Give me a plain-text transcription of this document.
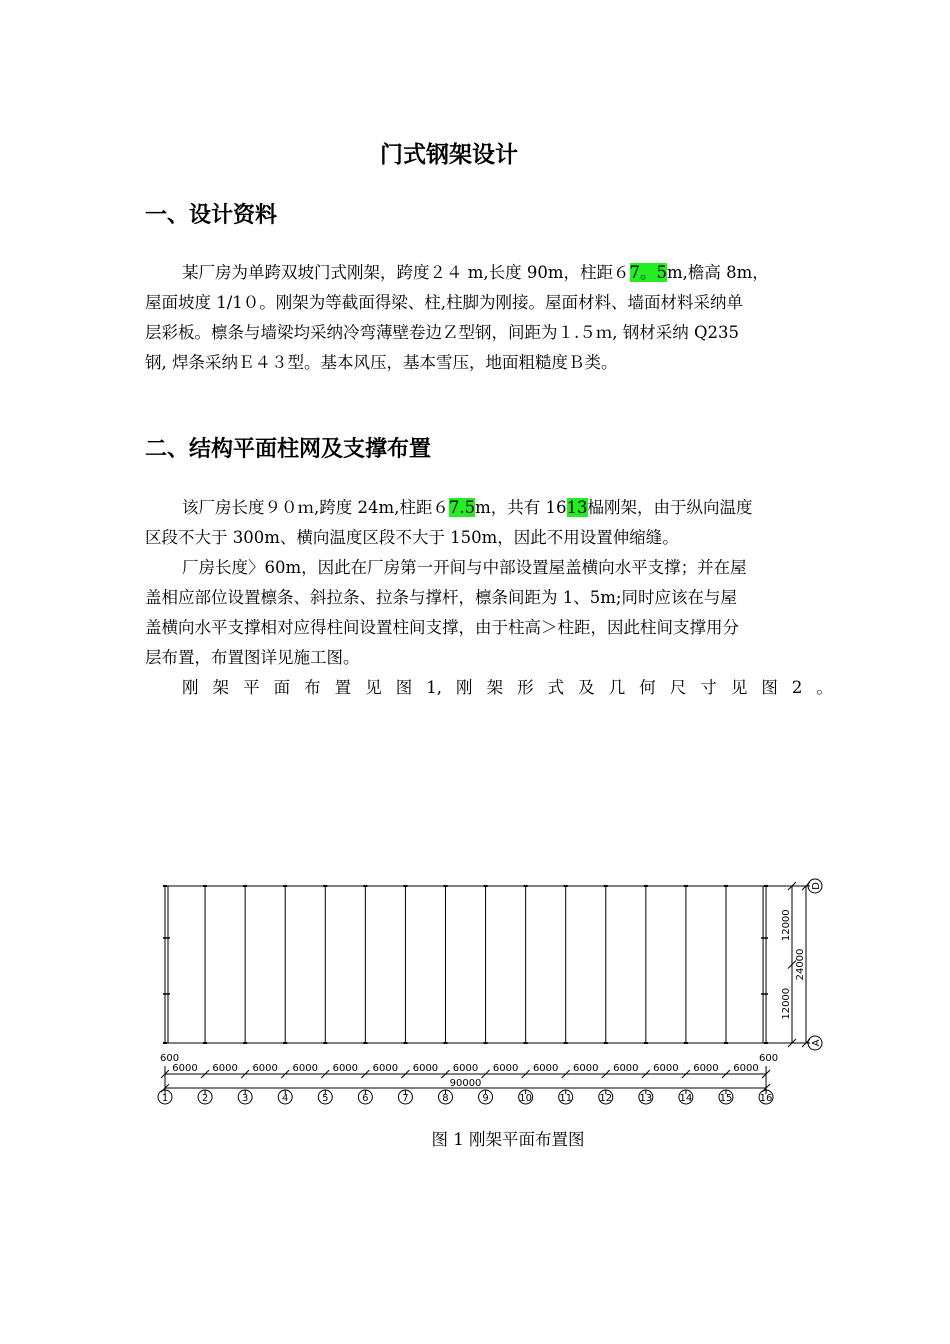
门式钢架设计
一、设计资料
某厂房为单跨双坡门式刚架，跨度２４ m,长度 90m，柱距６7。5m,檐高 8m，
屋面坡度 1/1０。刚架为等截面得梁、柱,柱脚为刚接。屋面材料、墙面材料采纳单
层彩板。檩条与墙梁均采纳冷弯薄壁卷边Ｚ型钢，间距为１.５ｍ, 钢材采纳 Q235
钢, 焊条采纳Ｅ４３型。基本风压，基本雪压，地面粗糙度Ｂ类。
二、结构平面柱网及支撑布置
该厂房长度９０ｍ,跨度 24m,柱距６7.5m，共有 1613榀刚架，由于纵向温度
区段不大于 300m、横向温度区段不大于 150m，因此不用设置伸缩缝。
厂房长度〉60m，因此在厂房第一开间与中部设置屋盖横向水平支撑；并在屋
盖相应部位设置檩条、斜拉条、拉条与撑杆，檩条间距为 1、5m;同时应该在与屋
盖横向水平支撑相对应得柱间设置柱间支撑，由于柱高＞柱距，因此柱间支撑用分
层布置，布置图详见施工图。
刚 架 平 面 布 置 见 图 1, 刚 架 形 式 及 几 何 尺 寸 见 图 2 。
600	600
6000 6000 6000 6000 6000 6000 6000 6000 6000 6000 6000 6000 6000 6000 6000
90000
1	2	3	4	5	6	7	8	9	10	11	12	13	14	15	16
12000
12000
24000
D
A
图 1 刚架平面布置图
